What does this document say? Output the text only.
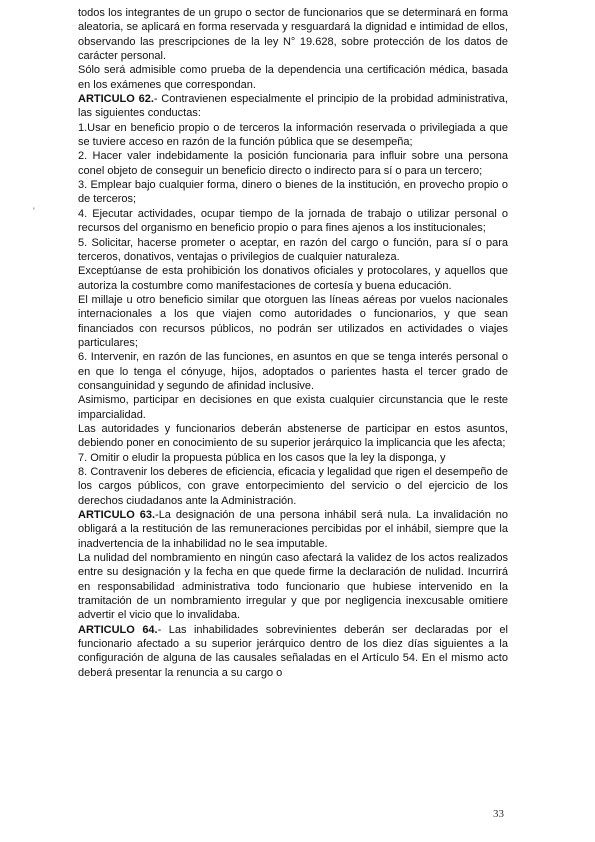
'

todos los integrantes de un grupo o sector de funcionarios que se determinará en forma aleatoria, se aplicará en forma reservada y resguardará la dignidad e intimidad de ellos, observando las prescripciones de la ley N° 19.628, sobre protección de los datos de carácter personal.

Sólo será admisible como prueba de la dependencia una certificación médica, basada en los exámenes que correspondan.

ARTICULO 62.- Contravienen especialmente el principio de la probidad administrativa, las siguientes conductas:

1.Usar en beneficio propio o de terceros la información reservada o privilegiada a que se tuviere acceso en razón de la función pública que se desempeña;

2. Hacer valer indebidamente la posición funcionaria para influir sobre una persona conel objeto de conseguir un beneficio directo o indirecto para sí o para un tercero;

3. Emplear bajo cualquier forma, dinero o bienes de la institución, en provecho propio o de terceros;

4. Ejecutar actividades, ocupar tiempo de la jornada de trabajo o utilizar personal o recursos del organismo en beneficio propio o para fines ajenos a los institucionales;

5. Solicitar, hacerse prometer o aceptar, en razón del cargo o función, para sí o para terceros, donativos, ventajas o privilegios de cualquier naturaleza.

Exceptúanse de esta prohibición los donativos oficiales y protocolares, y aquellos que autoriza la costumbre como manifestaciones de cortesía y buena educación.

El millaje u otro beneficio similar que otorguen las líneas aéreas por vuelos nacionales internacionales a los que viajen como autoridades o funcionarios, y que sean financiados con recursos públicos, no podrán ser utilizados en actividades o viajes particulares;

6. Intervenir, en razón de las funciones, en asuntos en que se tenga interés personal o en que lo tenga el cónyuge, hijos, adoptados o parientes hasta el tercer grado de consanguinidad y segundo de afinidad inclusive.

Asimismo, participar en decisiones en que exista cualquier circunstancia que le reste imparcialidad.

Las autoridades y funcionarios deberán abstenerse de participar en estos asuntos, debiendo poner en conocimiento de su superior jerárquico la implicancia que les afecta;

7. Omitir o eludir la propuesta pública en los casos que la ley la disponga, y

8. Contravenir los deberes de eficiencia, eficacia y legalidad que rigen el desempeño de los cargos públicos, con grave entorpecimiento del servicio o del ejercicio de los derechos ciudadanos ante la Administración.

ARTICULO 63.-La designación de una persona inhábil será nula. La invalidación no obligará a la restitución de las remuneraciones percibidas por el inhábil, siempre que la inadvertencia de la inhabilidad no le sea imputable.

La nulidad del nombramiento en ningún caso afectará la validez de los actos realizados entre su designación y la fecha en que quede firme la declaración de nulidad. Incurrirá en responsabilidad administrativa todo funcionario que hubiese intervenido en la tramitación de un nombramiento irregular y que por negligencia inexcusable omitiere advertir el vicio que lo invalidaba.

ARTICULO 64.- Las inhabilidades sobrevinientes deberán ser declaradas por el funcionario afectado a su superior jerárquico dentro de los diez días siguientes a la configuración de alguna de las causales señaladas en el Artículo 54. En el mismo acto deberá presentar la renuncia a su cargo o

33
